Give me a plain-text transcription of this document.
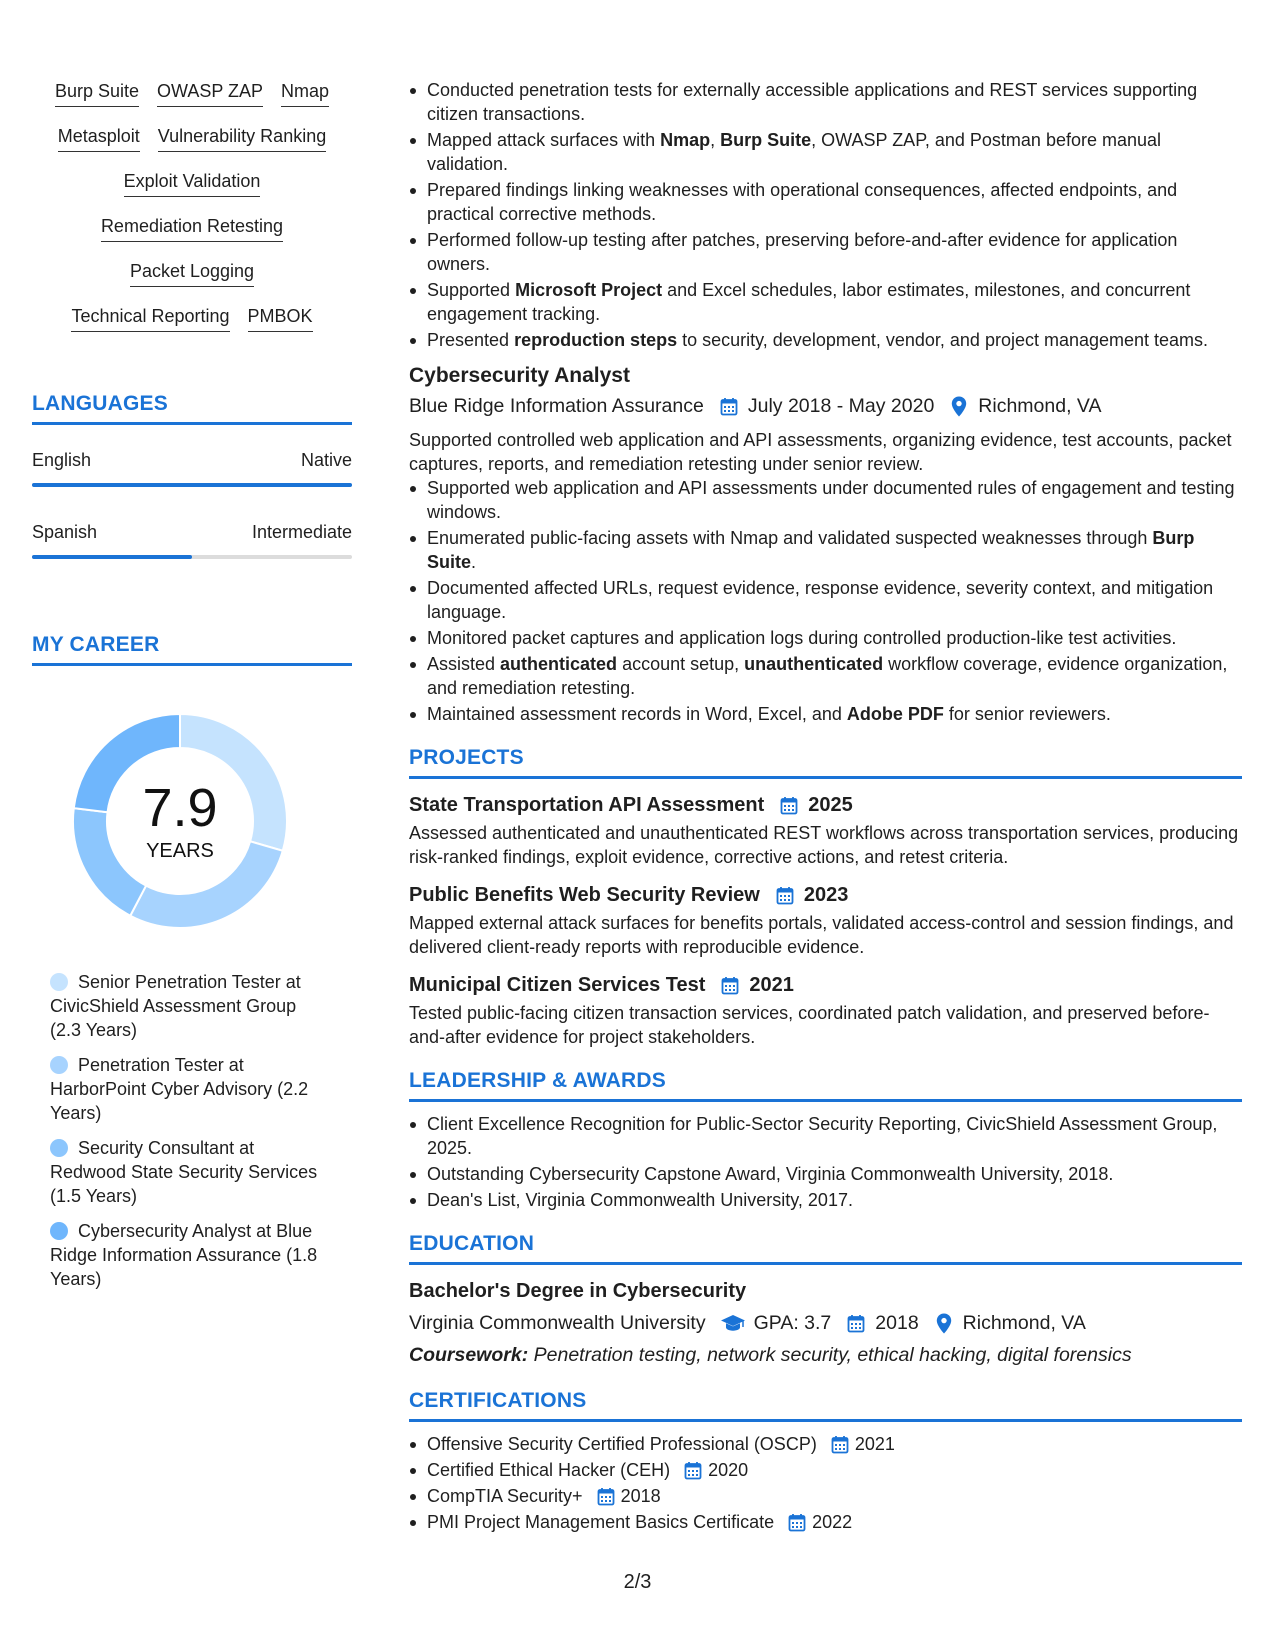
Burp Suite OWASP ZAP Nmap
Metasploit Vulnerability Ranking
Exploit Validation
Remediation Retesting
Packet Logging
Technical Reporting PMBOK
LANGUAGES
English	Native
Spanish	Intermediate
MY CAREER
7.9
YEARS
Senior Penetration Tester at CivicShield Assessment Group (2.3 Years)
Penetration Tester at HarborPoint Cyber Advisory (2.2 Years)
Security Consultant at Redwood State Security Services (1.5 Years)
Cybersecurity Analyst at Blue Ridge Information Assurance (1.8 Years)
Conducted penetration tests for externally accessible applications and REST services supporting citizen transactions.
Mapped attack surfaces with Nmap, Burp Suite, OWASP ZAP, and Postman before manual validation.
Prepared findings linking weaknesses with operational consequences, affected endpoints, and practical corrective methods.
Performed follow-up testing after patches, preserving before-and-after evidence for application owners.
Supported Microsoft Project and Excel schedules, labor estimates, milestones, and concurrent engagement tracking.
Presented reproduction steps to security, development, vendor, and project management teams.
Cybersecurity Analyst
Blue Ridge Information Assurance July 2018 - May 2020 Richmond, VA
Supported controlled web application and API assessments, organizing evidence, test accounts, packet captures, reports, and remediation retesting under senior review.
Supported web application and API assessments under documented rules of engagement and testing windows.
Enumerated public-facing assets with Nmap and validated suspected weaknesses through Burp Suite.
Documented affected URLs, request evidence, response evidence, severity context, and mitigation language.
Monitored packet captures and application logs during controlled production-like test activities.
Assisted authenticated account setup, unauthenticated workflow coverage, evidence organization, and remediation retesting.
Maintained assessment records in Word, Excel, and Adobe PDF for senior reviewers.
PROJECTS
State Transportation API Assessment 2025
Assessed authenticated and unauthenticated REST workflows across transportation services, producing risk-ranked findings, exploit evidence, corrective actions, and retest criteria.
Public Benefits Web Security Review 2023
Mapped external attack surfaces for benefits portals, validated access-control and session findings, and delivered client-ready reports with reproducible evidence.
Municipal Citizen Services Test 2021
Tested public-facing citizen transaction services, coordinated patch validation, and preserved before-and-after evidence for project stakeholders.
LEADERSHIP & AWARDS
Client Excellence Recognition for Public-Sector Security Reporting, CivicShield Assessment Group, 2025.
Outstanding Cybersecurity Capstone Award, Virginia Commonwealth University, 2018.
Dean's List, Virginia Commonwealth University, 2017.
EDUCATION
Bachelor's Degree in Cybersecurity
Virginia Commonwealth University GPA: 3.7 2018 Richmond, VA
Coursework: Penetration testing, network security, ethical hacking, digital forensics
CERTIFICATIONS
Offensive Security Certified Professional (OSCP) 2021
Certified Ethical Hacker (CEH) 2020
CompTIA Security+ 2018
PMI Project Management Basics Certificate 2022
2/3
